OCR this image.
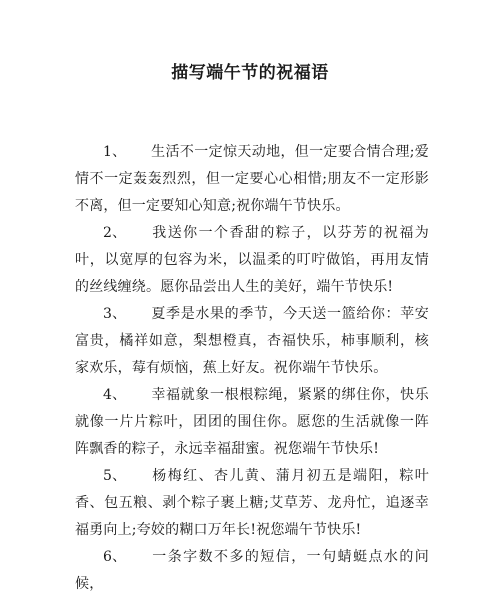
描写端午节的祝福语

1、 生活不一定惊天动地，但一定要合情合理;爱情不一定轰轰烈烈，但一定要心心相惜;朋友不一定形影不离，但一定要知心知意;祝你端午节快乐。

2、 我送你一个香甜的粽子，以芬芳的祝福为叶，以宽厚的包容为米，以温柔的叮咛做馅，再用友情的丝线缠绕。愿你品尝出人生的美好，端午节快乐!

3、 夏季是水果的季节，今天送一篮给你：苹安富贵，橘祥如意，梨想橙真，杏福快乐，柿事顺利，核家欢乐，莓有烦恼，蕉上好友。祝你端午节快乐。

4、 幸福就象一根根粽绳，紧紧的绑住你，快乐就像一片片粽叶，团团的围住你。愿您的生活就像一阵阵飘香的粽子，永远幸福甜蜜。祝您端午节快乐!

5、 杨梅红、杏儿黄、蒲月初五是端阳，粽叶香、包五粮、剥个粽子裹上糖;艾草芳、龙舟忙，追逐幸福勇向上;夸姣的糊口万年长!祝您端午节快乐!

6、 一条字数不多的短信，一句蜻蜓点水的问候，
